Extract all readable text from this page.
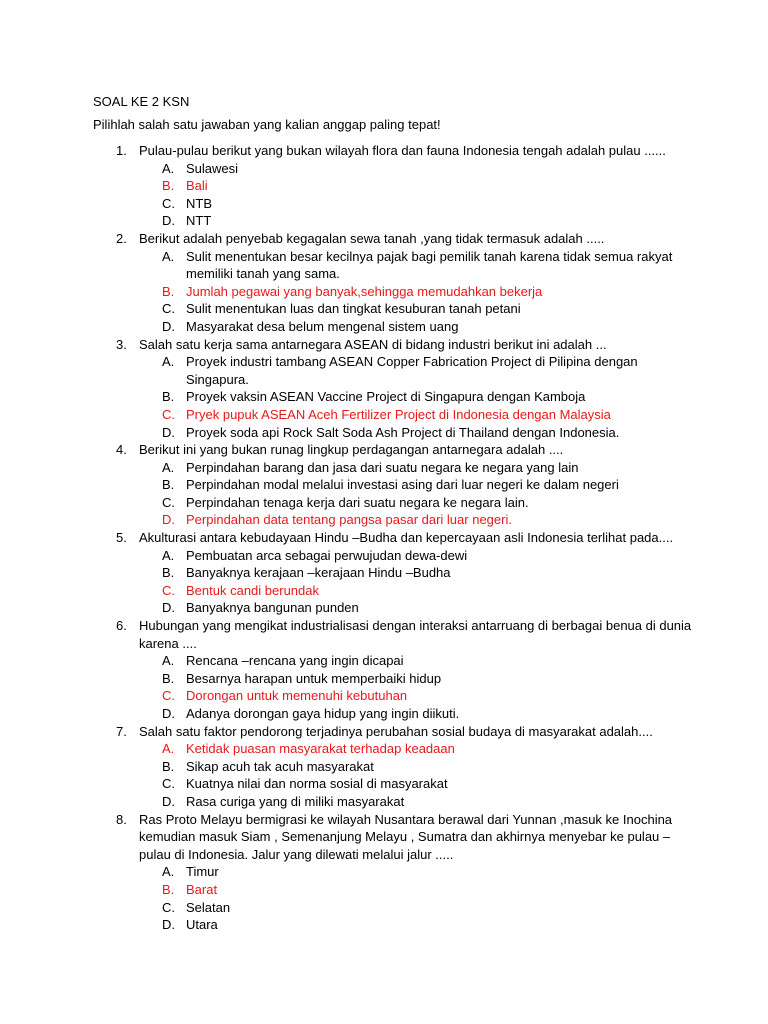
SOAL KE 2 KSN
Pilihlah salah satu jawaban yang kalian anggap paling tepat!
1. Pulau-pulau berikut yang bukan wilayah flora dan fauna Indonesia tengah adalah pulau ......
A. Sulawesi
B. Bali
C. NTB
D. NTT
2. Berikut adalah penyebab kegagalan sewa tanah ,yang tidak termasuk adalah .....
A. Sulit menentukan besar kecilnya pajak bagi pemilik tanah karena tidak semua rakyat memiliki tanah yang sama.
B. Jumlah pegawai yang banyak,sehingga memudahkan bekerja
C. Sulit menentukan luas dan tingkat kesuburan tanah petani
D. Masyarakat desa belum mengenal sistem uang
3. Salah satu kerja sama antarnegara ASEAN di bidang industri berikut ini adalah ...
A. Proyek industri tambang ASEAN Copper Fabrication Project di Pilipina dengan Singapura.
B. Proyek vaksin ASEAN Vaccine Project di Singapura dengan Kamboja
C. Pryek pupuk ASEAN Aceh Fertilizer Project di Indonesia dengan Malaysia
D. Proyek soda api Rock Salt Soda Ash Project di Thailand dengan Indonesia.
4. Berikut ini yang bukan runag lingkup perdagangan antarnegara adalah ....
A. Perpindahan barang dan jasa dari suatu negara ke negara yang lain
B. Perpindahan modal melalui investasi asing dari luar negeri ke dalam negeri
C. Perpindahan tenaga kerja dari suatu negara ke negara lain.
D. Perpindahan data tentang pangsa pasar dari luar negeri.
5. Akulturasi antara kebudayaan Hindu –Budha dan kepercayaan asli Indonesia terlihat pada....
A. Pembuatan arca sebagai perwujudan dewa-dewi
B. Banyaknya kerajaan –kerajaan Hindu –Budha
C. Bentuk candi berundak
D. Banyaknya bangunan punden
6. Hubungan yang mengikat industrialisasi dengan interaksi antarruang di berbagai benua di dunia karena ....
A. Rencana –rencana yang ingin dicapai
B. Besarnya harapan untuk memperbaiki hidup
C. Dorongan untuk memenuhi kebutuhan
D. Adanya dorongan gaya hidup yang ingin diikuti.
7. Salah satu faktor pendorong terjadinya perubahan sosial budaya di masyarakat adalah....
A. Ketidak puasan masyarakat terhadap keadaan
B. Sikap acuh tak acuh masyarakat
C. Kuatnya nilai dan norma sosial di masyarakat
D. Rasa curiga yang di miliki masyarakat
8. Ras Proto Melayu bermigrasi ke wilayah Nusantara berawal dari Yunnan ,masuk ke Inochina kemudian masuk Siam , Semenanjung Melayu , Sumatra dan akhirnya menyebar ke pulau –pulau di Indonesia. Jalur yang dilewati melalui jalur .....
A. Timur
B. Barat
C. Selatan
D. Utara
